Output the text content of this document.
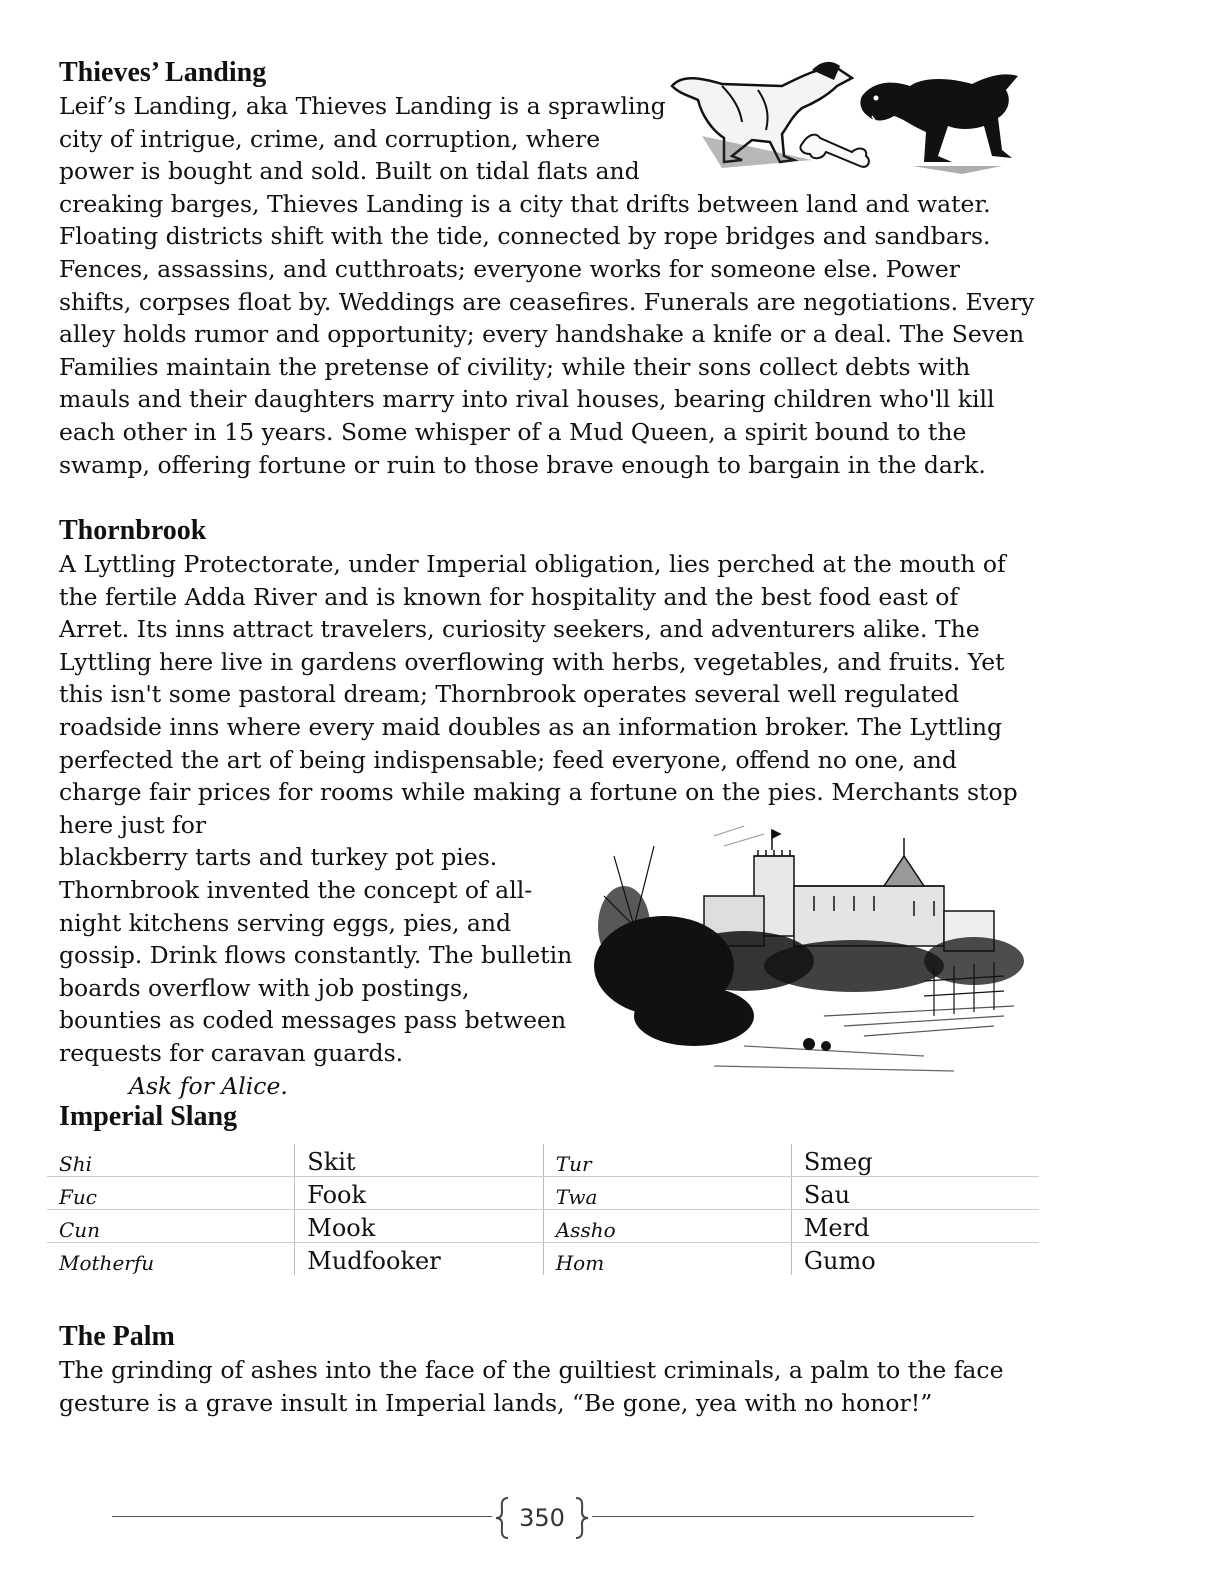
Thieves’ Landing

Leif’s Landing, aka Thieves Landing is a sprawling city of intrigue, crime, and corruption, where power is bought and sold. Built on tidal flats and creaking barges, Thieves Landing is a city that drifts between land and water. Floating districts shift with the tide, connected by rope bridges and sandbars. Fences, assassins, and cutthroats; everyone works for someone else. Power shifts, corpses float by. Weddings are ceasefires. Funerals are negotiations. Every alley holds rumor and opportunity; every handshake a knife or a deal. The Seven Families maintain the pretense of civility; while their sons collect debts with mauls and their daughters marry into rival houses, bearing children who'll kill each other in 15 years. Some whisper of a Mud Queen, a spirit bound to the swamp, offering fortune or ruin to those brave enough to bargain in the dark.

Thornbrook

A Lyttling Protectorate, under Imperial obligation, lies perched at the mouth of the fertile Adda River and is known for hospitality and the best food east of Arret. Its inns attract travelers, curiosity seekers, and adventurers alike. The Lyttling here live in gardens overflowing with herbs, vegetables, and fruits. Yet this isn't some pastoral dream; Thornbrook operates several well regulated roadside inns where every maid doubles as an information broker. The Lyttling perfected the art of being indispensable; feed everyone, offend no one, and charge fair prices for rooms while making a fortune on the pies. Merchants stop here just for

blackberry tarts and turkey pot pies. Thornbrook invented the concept of all-night kitchens serving eggs, pies, and gossip. Drink flows constantly. The bulletin boards overflow with job postings, bounties as coded messages pass between requests for caravan guards.

Ask for Alice.

Imperial Slang
Shi	Skit	Tur	Smeg
Fuc	Fook	Twa	Sau
Cun	Mook	Assho	Merd
Motherfu	Mudfooker	Hom	Gumo
The Palm

The grinding of ashes into the face of the guiltiest criminals, a palm to the face gesture is a grave insult in Imperial lands, “Be gone, yea with no honor!”

350
